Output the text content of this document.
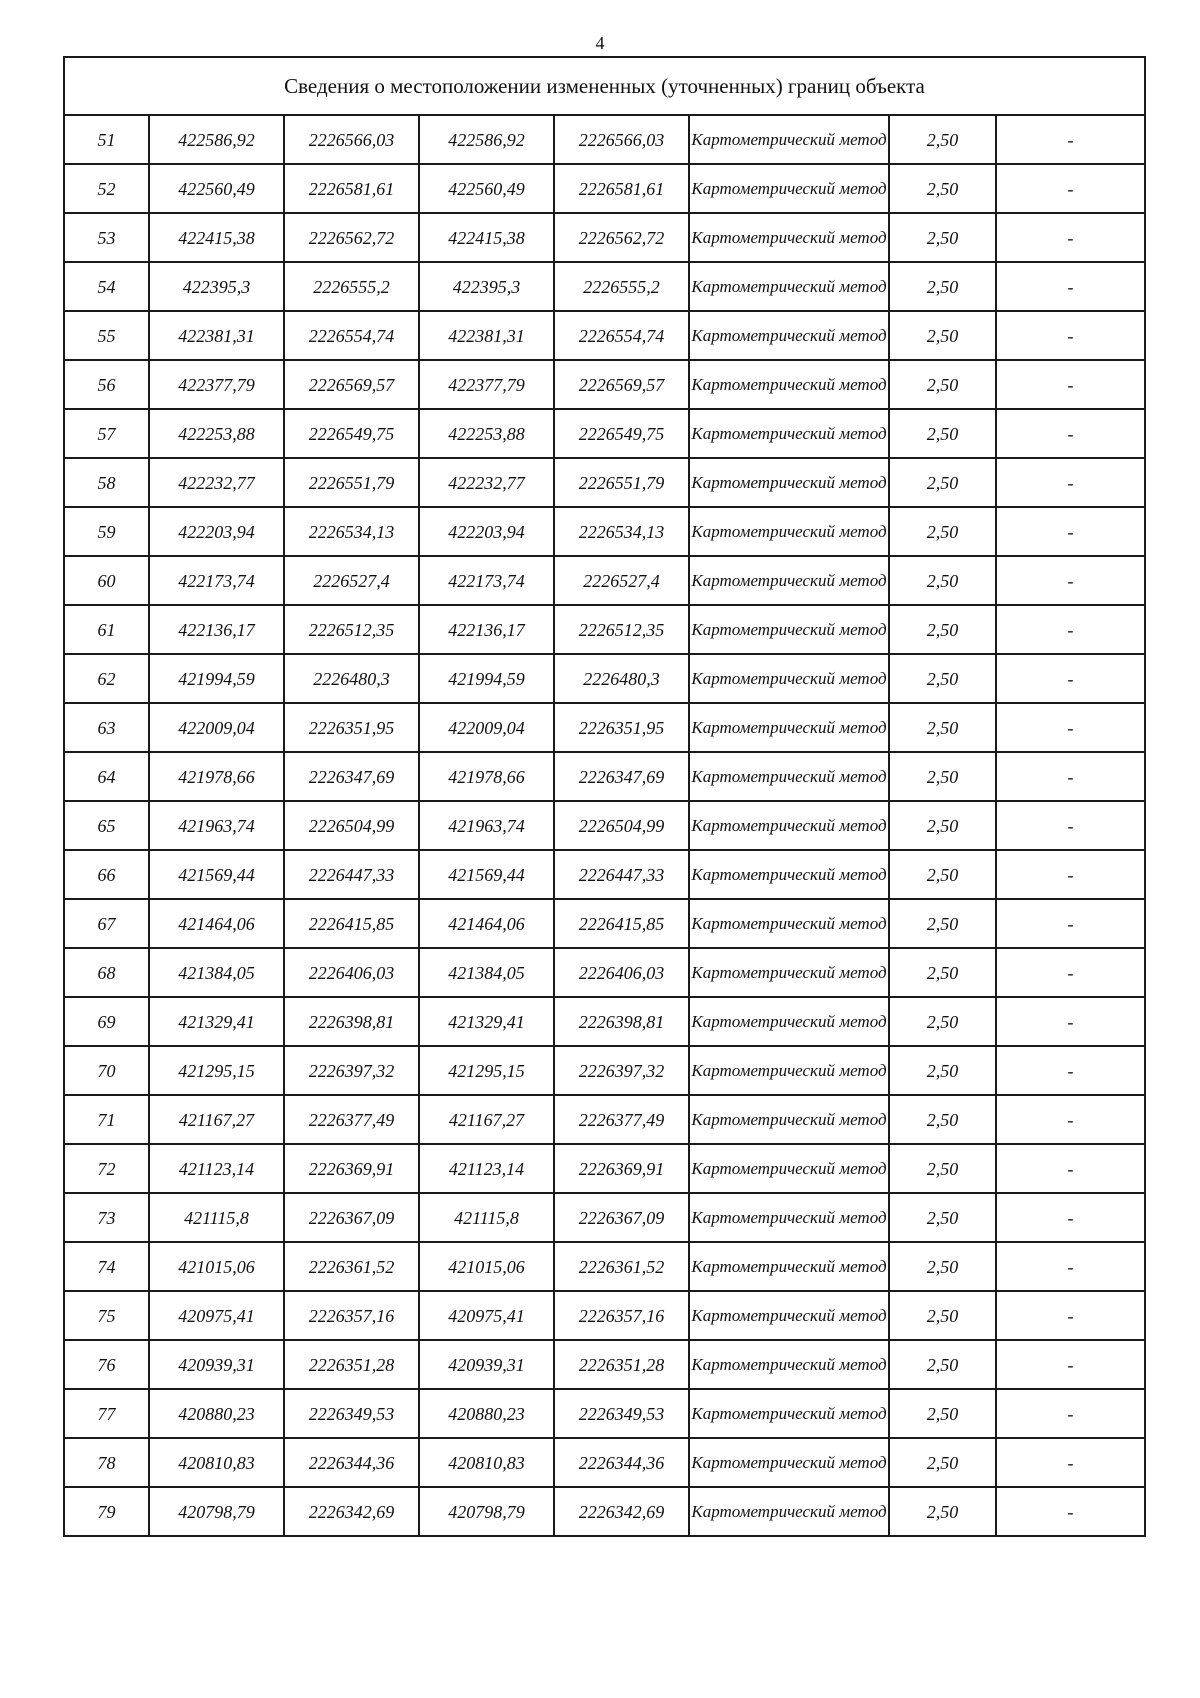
4
Сведения о местоположении измененных (уточненных) границ объекта							
51	422586,92	2226566,03	422586,92	2226566,03	Картометрический метод	2,50	-
52	422560,49	2226581,61	422560,49	2226581,61	Картометрический метод	2,50	-
53	422415,38	2226562,72	422415,38	2226562,72	Картометрический метод	2,50	-
54	422395,3	2226555,2	422395,3	2226555,2	Картометрический метод	2,50	-
55	422381,31	2226554,74	422381,31	2226554,74	Картометрический метод	2,50	-
56	422377,79	2226569,57	422377,79	2226569,57	Картометрический метод	2,50	-
57	422253,88	2226549,75	422253,88	2226549,75	Картометрический метод	2,50	-
58	422232,77	2226551,79	422232,77	2226551,79	Картометрический метод	2,50	-
59	422203,94	2226534,13	422203,94	2226534,13	Картометрический метод	2,50	-
60	422173,74	2226527,4	422173,74	2226527,4	Картометрический метод	2,50	-
61	422136,17	2226512,35	422136,17	2226512,35	Картометрический метод	2,50	-
62	421994,59	2226480,3	421994,59	2226480,3	Картометрический метод	2,50	-
63	422009,04	2226351,95	422009,04	2226351,95	Картометрический метод	2,50	-
64	421978,66	2226347,69	421978,66	2226347,69	Картометрический метод	2,50	-
65	421963,74	2226504,99	421963,74	2226504,99	Картометрический метод	2,50	-
66	421569,44	2226447,33	421569,44	2226447,33	Картометрический метод	2,50	-
67	421464,06	2226415,85	421464,06	2226415,85	Картометрический метод	2,50	-
68	421384,05	2226406,03	421384,05	2226406,03	Картометрический метод	2,50	-
69	421329,41	2226398,81	421329,41	2226398,81	Картометрический метод	2,50	-
70	421295,15	2226397,32	421295,15	2226397,32	Картометрический метод	2,50	-
71	421167,27	2226377,49	421167,27	2226377,49	Картометрический метод	2,50	-
72	421123,14	2226369,91	421123,14	2226369,91	Картометрический метод	2,50	-
73	421115,8	2226367,09	421115,8	2226367,09	Картометрический метод	2,50	-
74	421015,06	2226361,52	421015,06	2226361,52	Картометрический метод	2,50	-
75	420975,41	2226357,16	420975,41	2226357,16	Картометрический метод	2,50	-
76	420939,31	2226351,28	420939,31	2226351,28	Картометрический метод	2,50	-
77	420880,23	2226349,53	420880,23	2226349,53	Картометрический метод	2,50	-
78	420810,83	2226344,36	420810,83	2226344,36	Картометрический метод	2,50	-
79	420798,79	2226342,69	420798,79	2226342,69	Картометрический метод	2,50	-
